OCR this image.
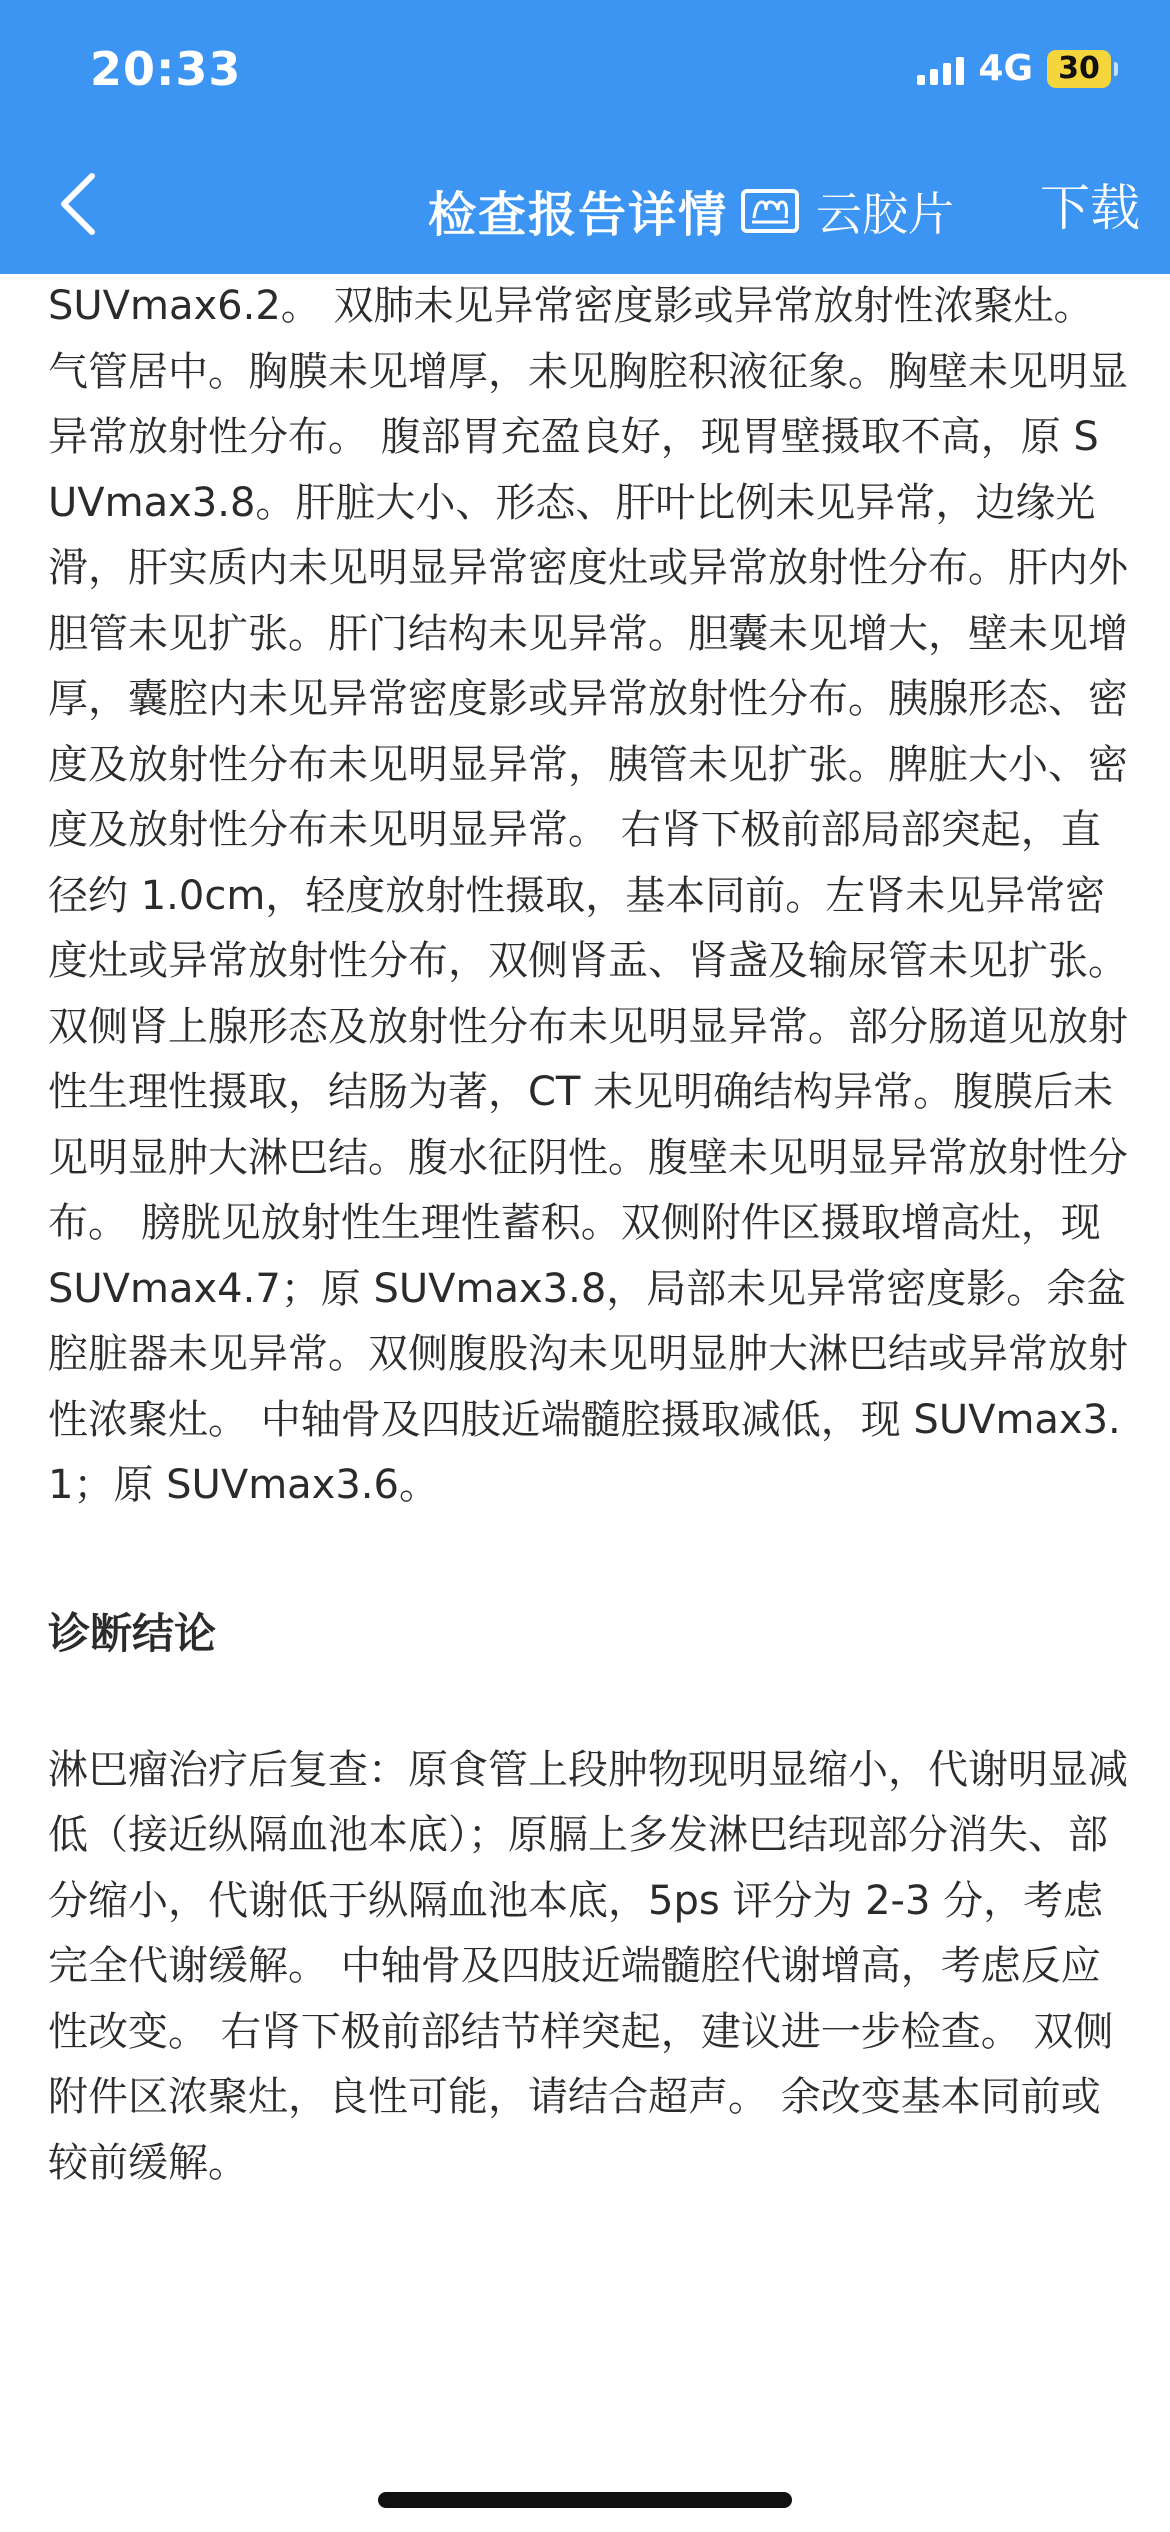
20:33	4G 30
检查报告详情 云胶片 下载

SUVmax6.2。 双肺未见异常密度影或异常放射性浓聚灶。气管居中。胸膜未见增厚，未见胸腔积液征象。胸壁未见明显异常放射性分布。 腹部胃充盈良好，现胃壁摄取不高，原 SUVmax3.8。肝脏大小、形态、肝叶比例未见异常，边缘光滑，肝实质内未见明显异常密度灶或异常放射性分布。肝内外胆管未见扩张。肝门结构未见异常。胆囊未见增大，壁未见增厚，囊腔内未见异常密度影或异常放射性分布。胰腺形态、密度及放射性分布未见明显异常，胰管未见扩张。脾脏大小、密度及放射性分布未见明显异常。 右肾下极前部局部突起，直径约 1.0cm，轻度放射性摄取，基本同前。左肾未见异常密度灶或异常放射性分布，双侧肾盂、肾盏及输尿管未见扩张。双侧肾上腺形态及放射性分布未见明显异常。部分肠道见放射性生理性摄取，结肠为著，CT 未见明确结构异常。腹膜后未见明显肿大淋巴结。腹水征阴性。腹壁未见明显异常放射性分布。 膀胱见放射性生理性蓄积。双侧附件区摄取增高灶，现 SUVmax4.7；原 SUVmax3.8，局部未见异常密度影。余盆腔脏器未见异常。双侧腹股沟未见明显肿大淋巴结或异常放射性浓聚灶。 中轴骨及四肢近端髓腔摄取减低，现 SUVmax3.1；原 SUVmax3.6。

诊断结论

淋巴瘤治疗后复查：原食管上段肿物现明显缩小，代谢明显减低（接近纵隔血池本底）；原膈上多发淋巴结现部分消失、部分缩小，代谢低于纵隔血池本底，5ps 评分为 2-3 分，考虑完全代谢缓解。 中轴骨及四肢近端髓腔代谢增高，考虑反应性改变。 右肾下极前部结节样突起，建议进一步检查。 双侧附件区浓聚灶，良性可能，请结合超声。 余改变基本同前或较前缓解。
